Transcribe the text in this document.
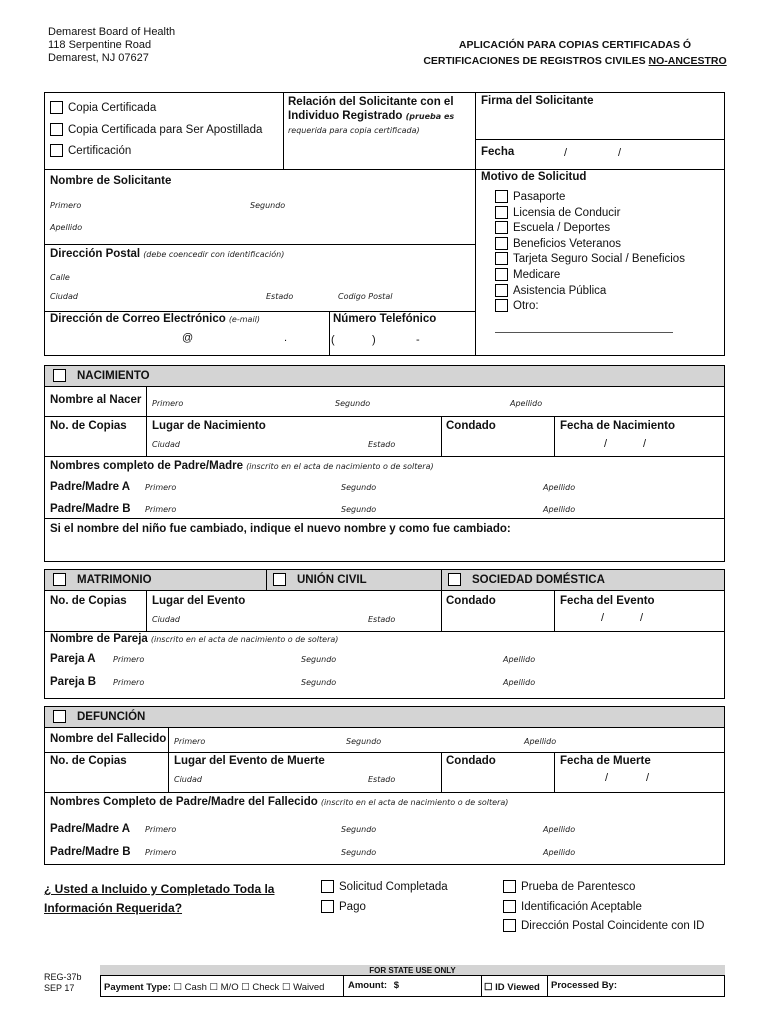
Demarest Board of Health
118 Serpentine Road
Demarest, NJ 07627
APLICACIÓN PARA COPIAS CERTIFICADAS Ó
CERTIFICACIONES DE REGISTROS CIVILES NO-ANCESTRO
Copia Certificada
Copia Certificada para Ser Apostillada
Certificación
Relación del Solicitante con el Individuo Registrado (prueba es
requerida para copia certificada)
Firma del Solicitante
Fecha	/	/
Nombre de Solicitante
Primero	Segundo
Apellido
Dirección Postal (debe coencedir con identificación)
Calle
Ciudad	Estado	Codigo Postal
Dirección de Correo Electrónico (e-mail)
@	.
Número Telefónico
(	)	-
Motivo de Solicitud
Pasaporte
Licensia de Conducir
Escuela / Deportes
Beneficios Veteranos
Tarjeta Seguro Social / Beneficios
Medicare
Asistencia Pública
Otro:
NACIMIENTO
Nombre al Nacer Primero	Segundo	Apellido
No. de Copias Lugar de Nacimiento
Ciudad	Estado
Condado	Fecha de Nacimiento
/	/
Nombres completo de Padre/Madre (inscrito en el acta de nacimiento o de soltera)
Padre/Madre A Primero	Segundo	Apellido
Padre/Madre B Primero	Segundo	Apellido
Si el nombre del niño fue cambiado, indique el nuevo nombre y como fue cambiado:
MATRIMONIO	UNIÓN CIVIL	SOCIEDAD DOMÉSTICA
No. de Copias Lugar del Evento
Ciudad	Estado
Condado	Fecha del Evento
/	/
Nombre de Pareja (inscrito en el acta de nacimiento o de soltera)
Pareja A Primero	Segundo	Apellido
Pareja B Primero	Segundo	Apellido
DEFUNCIÓN
Nombre del Fallecido Primero	Segundo	Apellido
No. de Copias	Lugar del Evento de Muerte
Ciudad	Estado
Condado	Fecha de Muerte
/	/
Nombres Completo de Padre/Madre del Fallecido (inscrito en el acta de nacimiento o de soltera)
Padre/Madre A Primero	Segundo	Apellido
Padre/Madre B Primero	Segundo	Apellido
¿ Usted a Incluido y Completado Toda la
Información Requerida?
Solicitud Completada
Pago
Prueba de Parentesco
Identificación Aceptable
Dirección Postal Coincidente con ID
REG-37b
SEP 17
FOR STATE USE ONLY
Payment Type: ☐ Cash ☐ M/O ☐ Check ☐ Waived Amount: $	☐ ID Viewed Processed By:
